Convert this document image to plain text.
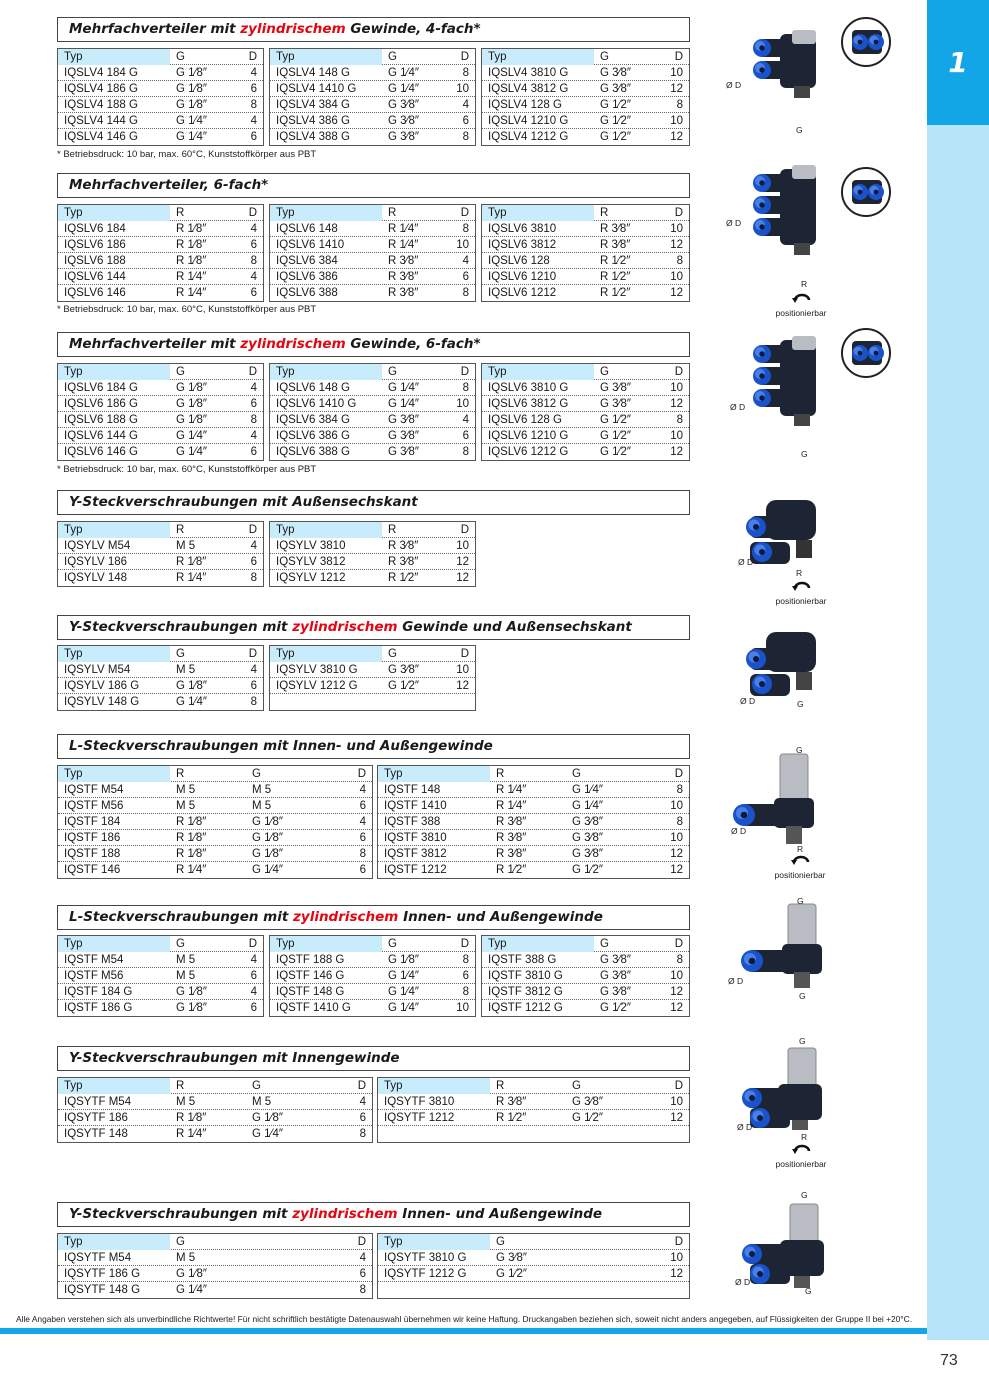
1
Mehrfachverteiler mit zylindrischem Gewinde, 4-fach*
Mehrfachverteiler, 6-fach*
Mehrfachverteiler mit zylindrischem Gewinde, 6-fach*
Y-Steckverschraubungen mit Außensechskant
Y-Steckverschraubungen mit zylindrischem Gewinde und Außensechskant
L-Steckverschraubungen mit Innen- und Außengewinde
L-Steckverschraubungen mit zylindrischem Innen- und Außengewinde
Y-Steckverschraubungen mit Innengewinde
Y-Steckverschraubungen mit zylindrischem Innen- und Außengewinde
Ø D
G
Ø D
R
positionierbar
Ø D
G
Ø D
R
positionierbar
Ø D	G
G
Ø D
R
positionierbar
G
Ø D
G
G
Ø D
R
positionierbar
G
Ø D
G
Alle Angaben verstehen sich als unverbindliche Richtwerte! Für nicht schriftlich bestätigte Datenauswahl übernehmen wir keine Haftung. Druckangaben beziehen sich, soweit nicht anders angegeben, auf Flüssigkeiten der Gruppe II bei +20°C.
73
Typ	G	D
IQSLV4 184 G	G 1⁄8″	4
IQSLV4 186 G	G 1⁄8″	6
IQSLV4 188 G	G 1⁄8″	8
IQSLV4 144 G	G 1⁄4″	4
IQSLV4 146 G	G 1⁄4″	6
Typ	G	D
IQSLV4 148 G	G 1⁄4″	8
IQSLV4 1410 G	G 1⁄4″	10
IQSLV4 384 G	G 3⁄8″	4
IQSLV4 386 G	G 3⁄8″	6
IQSLV4 388 G	G 3⁄8″	8
Typ	G	D
IQSLV4 3810 G	G 3⁄8″	10
IQSLV4 3812 G	G 3⁄8″	12
IQSLV4 128 G	G 1⁄2″	8
IQSLV4 1210 G	G 1⁄2″	10
IQSLV4 1212 G	G 1⁄2″	12
* Betriebsdruck: 10 bar, max. 60°C, Kunststoffkörper aus PBT
Typ	R	D
IQSLV6 184	R 1⁄8″	4
IQSLV6 186	R 1⁄8″	6
IQSLV6 188	R 1⁄8″	8
IQSLV6 144	R 1⁄4″	4
IQSLV6 146	R 1⁄4″	6
Typ	R	D
IQSLV6 148	R 1⁄4″	8
IQSLV6 1410	R 1⁄4″	10
IQSLV6 384	R 3⁄8″	4
IQSLV6 386	R 3⁄8″	6
IQSLV6 388	R 3⁄8″	8
Typ	R	D
IQSLV6 3810	R 3⁄8″	10
IQSLV6 3812	R 3⁄8″	12
IQSLV6 128	R 1⁄2″	8
IQSLV6 1210	R 1⁄2″	10
IQSLV6 1212	R 1⁄2″	12
* Betriebsdruck: 10 bar, max. 60°C, Kunststoffkörper aus PBT
Typ	G	D
IQSLV6 184 G	G 1⁄8″	4
IQSLV6 186 G	G 1⁄8″	6
IQSLV6 188 G	G 1⁄8″	8
IQSLV6 144 G	G 1⁄4″	4
IQSLV6 146 G	G 1⁄4″	6
Typ	G	D
IQSLV6 148 G	G 1⁄4″	8
IQSLV6 1410 G	G 1⁄4″	10
IQSLV6 384 G	G 3⁄8″	4
IQSLV6 386 G	G 3⁄8″	6
IQSLV6 388 G	G 3⁄8″	8
Typ	G	D
IQSLV6 3810 G	G 3⁄8″	10
IQSLV6 3812 G	G 3⁄8″	12
IQSLV6 128 G	G 1⁄2″	8
IQSLV6 1210 G	G 1⁄2″	10
IQSLV6 1212 G	G 1⁄2″	12
* Betriebsdruck: 10 bar, max. 60°C, Kunststoffkörper aus PBT
Typ	R	D
IQSYLV M54	M 5	4
IQSYLV 186	R 1⁄8″	6
IQSYLV 148	R 1⁄4″	8
Typ	R	D
IQSYLV 3810	R 3⁄8″	10
IQSYLV 3812	R 3⁄8″	12
IQSYLV 1212	R 1⁄2″	12
Typ	G	D
IQSYLV M54	M 5	4
IQSYLV 186 G	G 1⁄8″	6
IQSYLV 148 G	G 1⁄4″	8
Typ	G	D
IQSYLV 3810 G	G 3⁄8″	10
IQSYLV 1212 G	G 1⁄2″	12
Typ	R	G	D
IQSTF M54	M 5	M 5	4
IQSTF M56	M 5	M 5	6
IQSTF 184	R 1⁄8″	G 1⁄8″	4
IQSTF 186	R 1⁄8″	G 1⁄8″	6
IQSTF 188	R 1⁄8″	G 1⁄8″	8
IQSTF 146	R 1⁄4″	G 1⁄4″	6
Typ	R	G	D
IQSTF 148	R 1⁄4″	G 1⁄4″	8
IQSTF 1410	R 1⁄4″	G 1⁄4″	10
IQSTF 388	R 3⁄8″	G 3⁄8″	8
IQSTF 3810	R 3⁄8″	G 3⁄8″	10
IQSTF 3812	R 3⁄8″	G 3⁄8″	12
IQSTF 1212	R 1⁄2″	G 1⁄2″	12
Typ	G	D
IQSTF M54	M 5	4
IQSTF M56	M 5	6
IQSTF 184 G	G 1⁄8″	4
IQSTF 186 G	G 1⁄8″	6
Typ	G	D
IQSTF 188 G	G 1⁄8″	8
IQSTF 146 G	G 1⁄4″	6
IQSTF 148 G	G 1⁄4″	8
IQSTF 1410 G	G 1⁄4″	10
Typ	G	D
IQSTF 388 G	G 3⁄8″	8
IQSTF 3810 G	G 3⁄8″	10
IQSTF 3812 G	G 3⁄8″	12
IQSTF 1212 G	G 1⁄2″	12
Typ	R	G	D
IQSYTF M54	M 5	M 5	4
IQSYTF 186	R 1⁄8″	G 1⁄8″	6
IQSYTF 148	R 1⁄4″	G 1⁄4″	8
Typ	R	G	D
IQSYTF 3810	R 3⁄8″	G 3⁄8″	10
IQSYTF 1212	R 1⁄2″	G 1⁄2″	12
Typ	G	D
IQSYTF M54	M 5	4
IQSYTF 186 G	G 1⁄8″	6
IQSYTF 148 G	G 1⁄4″	8
Typ	G	D
IQSYTF 3810 G	G 3⁄8″	10
IQSYTF 1212 G	G 1⁄2″	12
